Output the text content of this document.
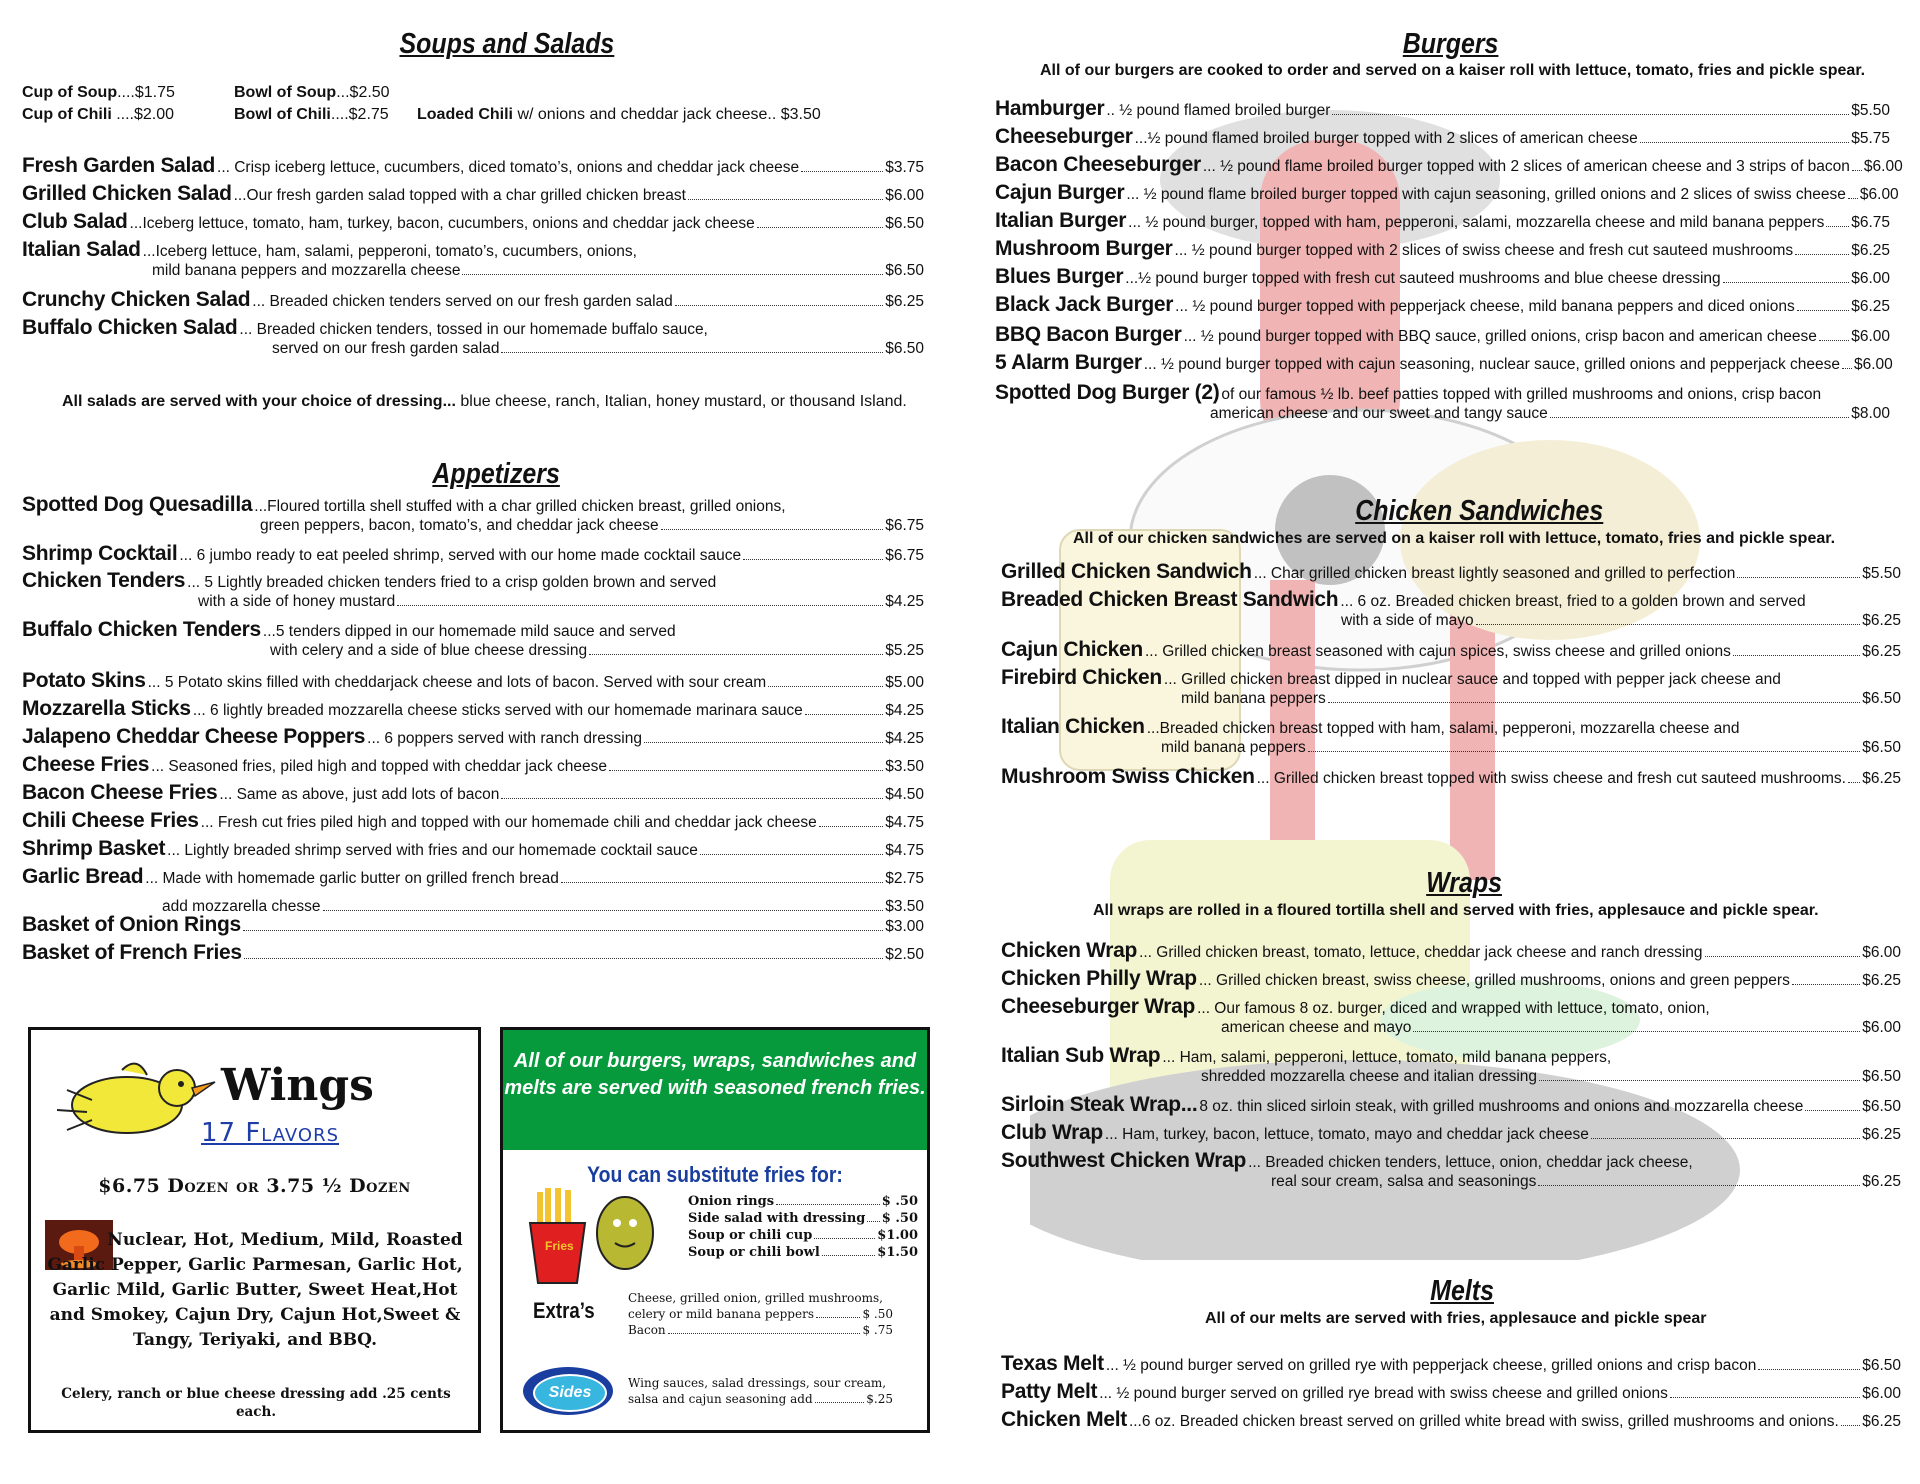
Soups and Salads
Cup of Soup....$1.75	Bowl of Soup...$2.50
Cup of Chili ....$2.00	Bowl of Chili....$2.75 Loaded Chili w/ onions and cheddar jack cheese.. $3.50
Fresh Garden Salad ... Crisp iceberg lettuce, cucumbers, diced tomato’s, onions and cheddar jack cheese	$3.75
Grilled Chicken Salad ...Our fresh garden salad topped with a char grilled chicken breast	$6.00
Club Salad ...Iceberg lettuce, tomato, ham, turkey, bacon, cucumbers, onions and cheddar jack cheese	$6.50
Italian Salad ...Iceberg lettuce, ham, salami, pepperoni, tomato’s, cucumbers, onions,
mild banana peppers and mozzarella cheese	$6.50
Crunchy Chicken Salad ... Breaded chicken tenders served on our fresh garden salad	$6.25
Buffalo Chicken Salad ... Breaded chicken tenders, tossed in our homemade buffalo sauce,
served on our fresh garden salad	$6.50
All salads are served with your choice of dressing... blue cheese, ranch, Italian, honey mustard, or thousand Island.
Appetizers
Spotted Dog Quesadilla ...Floured tortilla shell stuffed with a char grilled chicken breast, grilled onions,
green peppers, bacon, tomato’s, and cheddar jack cheese	$6.75
Shrimp Cocktail ... 6 jumbo ready to eat peeled shrimp, served with our home made cocktail sauce	$6.75
Chicken Tenders ... 5 Lightly breaded chicken tenders fried to a crisp golden brown and served
with a side of honey mustard	$4.25
Buffalo Chicken Tenders ...5 tenders dipped in our homemade mild sauce and served
with celery and a side of blue cheese dressing	$5.25
Potato Skins ... 5 Potato skins filled with cheddarjack cheese and lots of bacon. Served with sour cream	$5.00
Mozzarella Sticks ... 6 lightly breaded mozzarella cheese sticks served with our homemade marinara sauce	$4.25
Jalapeno Cheddar Cheese Poppers ... 6 poppers served with ranch dressing	$4.25
Cheese Fries ... Seasoned fries, piled high and topped with cheddar jack cheese	$3.50
Bacon Cheese Fries ... Same as above, just add lots of bacon	$4.50
Chili Cheese Fries ... Fresh cut fries piled high and topped with our homemade chili and cheddar jack cheese	$4.75
Shrimp Basket ... Lightly breaded shrimp served with fries and our homemade cocktail sauce	$4.75
Garlic Bread ... Made with homemade garlic butter on grilled french bread	$2.75
add mozzarella chesse	$3.50
Basket of Onion Rings	$3.00
Basket of French Fries	$2.50
Wings
17 Flavors
$6.75 Dozen or 3.75 ½ Dozen
Nuclear, Hot, Medium, Mild, Roasted Garlic Pepper, Garlic Parmesan, Garlic Hot, Garlic Mild, Garlic Butter, Sweet Heat,Hot and Smokey, Cajun Dry, Cajun Hot,Sweet & Tangy, Teriyaki, and BBQ.
Celery, ranch or blue cheese dressing add .25 cents each.
All of our burgers, wraps, sandwiches and melts are served with seasoned french fries.
You can substitute fries for:
Fries
Onion rings	$ .50
Side salad with dressing $ .50
Soup or chili cup	$1.00
Soup or chili bowl	$1.50
Extra’s	Cheese, grilled onion, grilled mushrooms,
celery or mild banana peppers	$ .50
Bacon	$ .75
Sides
Wing sauces, salad dressings, sour cream,
salsa and cajun seasoning add	$.25
Burgers
All of our burgers are cooked to order and served on a kaiser roll with lettuce, tomato, fries and pickle spear.
Hamburger .. ½ pound flamed broiled burger	$5.50
Cheeseburger ...½ pound flamed broiled burger topped with 2 slices of american cheese	$5.75
Bacon Cheeseburger ... ½ pound flame broiled burger topped with 2 slices of american cheese and 3 strips of bacon $6.00
Cajun Burger ... ½ pound flame broiled burger topped with cajun seasoning, grilled onions and 2 slices of swiss cheese $6.00
Italian Burger ... ½ pound burger, topped with ham, pepperoni, salami, mozzarella cheese and mild banana peppers $6.75
Mushroom Burger ... ½ pound burger topped with 2 slices of swiss cheese and fresh cut sauteed mushrooms	$6.25
Blues Burger ...½ pound burger topped with fresh cut sauteed mushrooms and blue cheese dressing	$6.00
Black Jack Burger ... ½ pound burger topped with pepperjack cheese, mild banana peppers and diced onions	$6.25
BBQ Bacon Burger ... ½ pound burger topped with BBQ sauce, grilled onions, crisp bacon and american cheese $6.00
5 Alarm Burger ... ½ pound burger topped with cajun seasoning, nuclear sauce, grilled onions and pepperjack cheese $6.00
Spotted Dog Burger (2) of our famous ½ lb. beef patties topped with grilled mushrooms and onions, crisp bacon
american cheese and our sweet and tangy sauce	$8.00
Chicken Sandwiches
All of our chicken sandwiches are served on a kaiser roll with lettuce, tomato, fries and pickle spear.
Grilled Chicken Sandwich ... Char grilled chicken breast lightly seasoned and grilled to perfection	$5.50
Breaded Chicken Breast Sandwich ... 6 oz. Breaded chicken breast, fried to a golden brown and served
with a side of mayo	$6.25
Cajun Chicken ... Grilled chicken breast seasoned with cajun spices, swiss cheese and grilled onions	$6.25
Firebird Chicken ... Grilled chicken breast dipped in nuclear sauce and topped with pepper jack cheese and
mild banana peppers	$6.50
Italian Chicken ...Breaded chicken breast topped with ham, salami, pepperoni, mozzarella cheese and
mild banana peppers	$6.50
Mushroom Swiss Chicken ... Grilled chicken breast topped with swiss cheese and fresh cut sauteed mushrooms. $6.25
Wraps
All wraps are rolled in a floured tortilla shell and served with fries, applesauce and pickle spear.
Chicken Wrap ... Grilled chicken breast, tomato, lettuce, cheddar jack cheese and ranch dressing	$6.00
Chicken Philly Wrap ... Grilled chicken breast, swiss cheese, grilled mushrooms, onions and green peppers	$6.25
Cheeseburger Wrap ... Our famous 8 oz. burger, diced and wrapped with lettuce, tomato, onion,
american cheese and mayo	$6.00
Italian Sub Wrap ... Ham, salami, pepperoni, lettuce, tomato, mild banana peppers,
shredded mozzarella cheese and italian dressing	$6.50
Sirloin Steak Wrap... 8 oz. thin sliced sirloin steak, with grilled mushrooms and onions and mozzarella cheese	$6.50
Club Wrap ... Ham, turkey, bacon, lettuce, tomato, mayo and cheddar jack cheese	$6.25
Southwest Chicken Wrap ... Breaded chicken tenders, lettuce, onion, cheddar jack cheese,
real sour cream, salsa and seasonings	$6.25
Melts
All of our melts are served with fries, applesauce and pickle spear
Texas Melt ... ½ pound burger served on grilled rye with pepperjack cheese, grilled onions and crisp bacon	$6.50
Patty Melt ... ½ pound burger served on grilled rye bread with swiss cheese and grilled onions	$6.00
Chicken Melt ...6 oz. Breaded chicken breast served on grilled white bread with swiss, grilled mushrooms and onions. $6.25
